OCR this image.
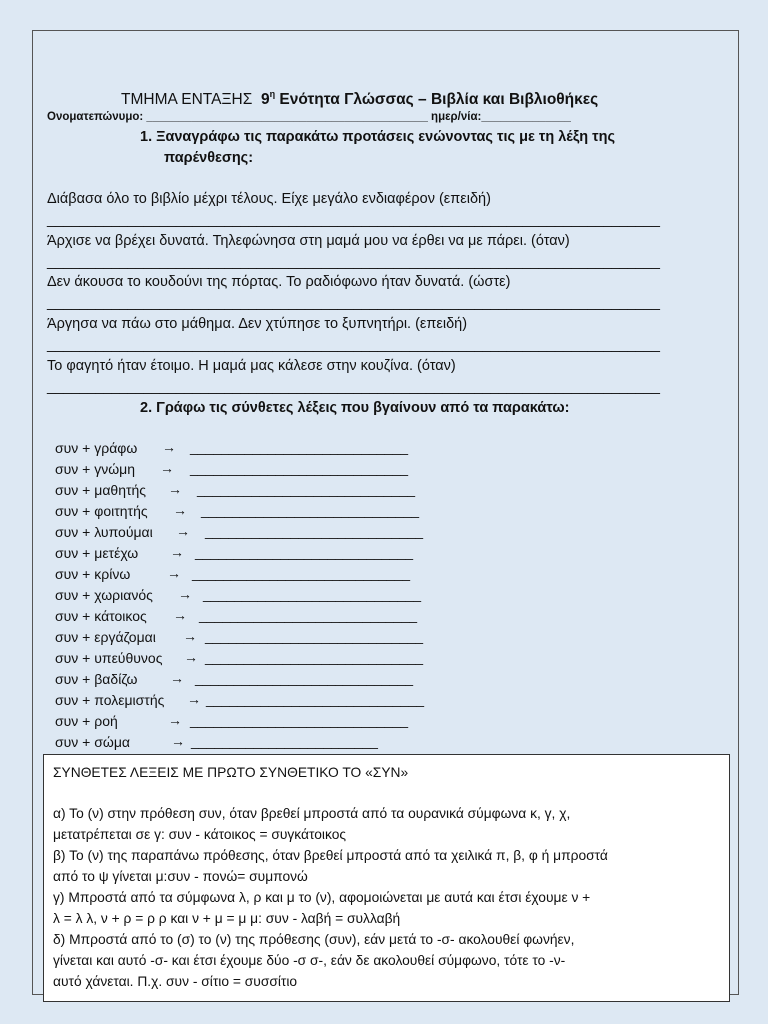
ΤΜΗΜΑ ΕΝΤΑΞΗΣ $9^\eta$ Ενότητα Γλώσσας – Βιβλία και Βιβλιοθήκες
Ονοματεπώνυμο: ____________________________________________ ημερ/νία:______________
1. Ξαναγράφω τις παρακάτω προτάσεις ενώνοντας τις με τη λέξη της
παρένθεσης:
Διάβασα όλο το βιβλίο μέχρι τέλους. Είχε μεγάλο ενδιαφέρον (επειδή)
____________________________________________________________________________
Άρχισε να βρέχει δυνατά. Τηλεφώνησα στη μαμά μου να έρθει να με πάρει. (όταν)
____________________________________________________________________________
Δεν άκουσα το κουδούνι της πόρτας. Το ραδιόφωνο ήταν δυνατά. (ώστε)
____________________________________________________________________________
Άργησα να πάω στο μάθημα. Δεν χτύπησε το ξυπνητήρι. (επειδή)
____________________________________________________________________________
Το φαγητό ήταν έτοιμο. Η μαμά μας κάλεσε στην κουζίνα. (όταν)
____________________________________________________________________________
2. Γράφω τις σύνθετες λέξεις που βγαίνουν από τα παρακάτω:
συν + γράφω → ____________________________
συν + γνώμη → ____________________________
συν + μαθητής → ____________________________
συν + φοιτητής → ____________________________
συν + λυπούμαι → ____________________________
συν + μετέχω → ____________________________
συν + κρίνω	→ ____________________________
συν + χωριανός → ____________________________
συν + κάτοικος → ____________________________
συν + εργάζομαι → ____________________________
συν + υπεύθυνος → ____________________________
συν + βαδίζω → ____________________________
συν + πολεμιστής → ____________________________
συν + ροή	→ ____________________________
συν + σώμα	→ ________________________
ΣΥΝΘΕΤΕΣ ΛΕΞΕΙΣ ΜΕ ΠΡΩΤΟ ΣΥΝΘΕΤΙΚΟ ΤΟ «ΣΥΝ»
α) Το (ν) στην πρόθεση συν, όταν βρεθεί μπροστά από τα ουρανικά σύμφωνα κ, γ, χ,
μετατρέπεται σε γ: συν - κάτοικος = συγκάτοικος
β) Το (ν) της παραπάνω πρόθεσης, όταν βρεθεί μπροστά από τα χειλικά π, β, φ ή μπροστά
από το ψ γίνεται μ:συν - πονώ= συμπονώ
γ) Μπροστά από τα σύμφωνα λ, ρ και μ το (ν), αφομοιώνεται με αυτά και έτσι έχουμε ν +
λ = λ λ, ν + ρ = ρ ρ και ν + μ = μ μ: συν - λαβή = συλλαβή
δ) Μπροστά από το (σ) το (ν) της πρόθεσης (συν), εάν μετά το -σ- ακολουθεί φωνήεν,
γίνεται και αυτό -σ- και έτσι έχουμε δύο -σ σ-, εάν δε ακολουθεί σύμφωνο, τότε το -ν-
αυτό χάνεται. Π.χ. συν - σίτιο = συσσίτιο
